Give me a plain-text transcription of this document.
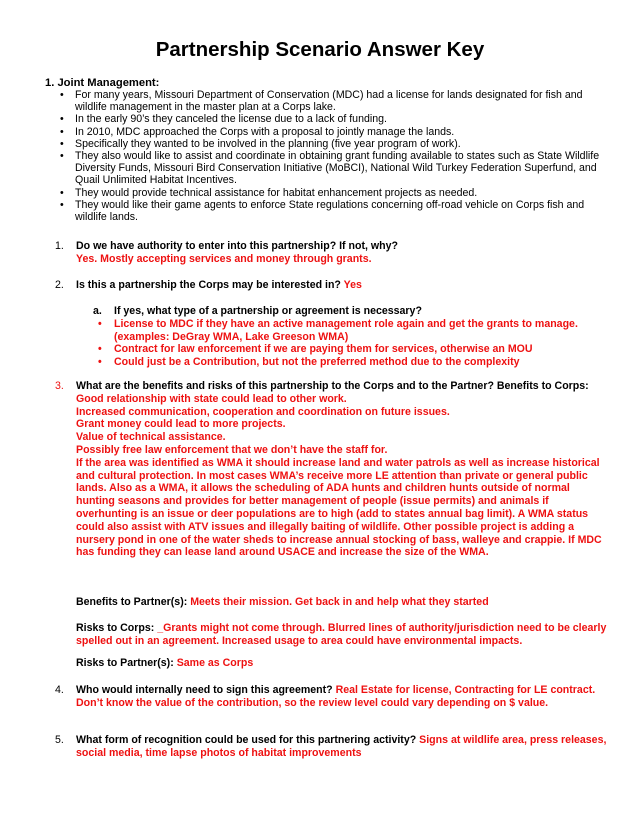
Partnership Scenario Answer Key
1. Joint Management:
• For many years, Missouri Department of Conservation (MDC) had a license for lands designated for fish and wildlife management in the master plan at a Corps lake.
• In the early 90’s they canceled the license due to a lack of funding.
• In 2010, MDC approached the Corps with a proposal to jointly manage the lands.
• Specifically they wanted to be involved in the planning (five year program of work).
• They also would like to assist and coordinate in obtaining grant funding available to states such as State Wildlife Diversity Funds, Missouri Bird Conservation Initiative (MoBCI), National Wild Turkey Federation Superfund, and Quail Unlimited Habitat Incentives.
• They would provide technical assistance for habitat enhancement projects as needed.
• They would like their game agents to enforce State regulations concerning off-road vehicle on Corps fish and wildlife lands.
1. Do we have authority to enter into this partnership? If not, why?
Yes. Mostly accepting services and money through grants.
2. Is this a partnership the Corps may be interested in? Yes
a. If yes, what type of a partnership or agreement is necessary?
• License to MDC if they have an active management role again and get the grants to manage. (examples: DeGray WMA, Lake Greeson WMA)
• Contract for law enforcement if we are paying them for services, otherwise an MOU
• Could just be a Contribution, but not the preferred method due to the complexity
3. What are the benefits and risks of this partnership to the Corps and to the Partner? Benefits to Corps: Good relationship with state could lead to other work.
Increased communication, cooperation and coordination on future issues.
Grant money could lead to more projects.
Value of technical assistance.
Possibly free law enforcement that we don’t have the staff for.
If the area was identified as WMA it should increase land and water patrols as well as increase historical and cultural protection. In most cases WMA’s receive more LE attention than private or general public lands. Also as a WMA, it allows the scheduling of ADA hunts and children hunts outside of normal hunting seasons and provides for better management of people (issue permits) and animals if overhunting is an issue or deer populations are to high (add to states annual bag limit). A WMA status could also assist with ATV issues and illegally baiting of wildlife. Other possible project is adding a nursery pond in one of the water sheds to increase annual stocking of bass, walleye and crappie. If MDC has funding they can lease land around USACE and increase the size of the WMA.
Benefits to Partner(s): Meets their mission. Get back in and help what they started
Risks to Corps: _Grants might not come through. Blurred lines of authority/jurisdiction need to be clearly spelled out in an agreement. Increased usage to area could have environmental impacts.
Risks to Partner(s): Same as Corps
4. Who would internally need to sign this agreement? Real Estate for license, Contracting for LE contract. Don’t know the value of the contribution, so the review level could vary depending on $ value.
5. What form of recognition could be used for this partnering activity? Signs at wildlife area, press releases, social media, time lapse photos of habitat improvements
